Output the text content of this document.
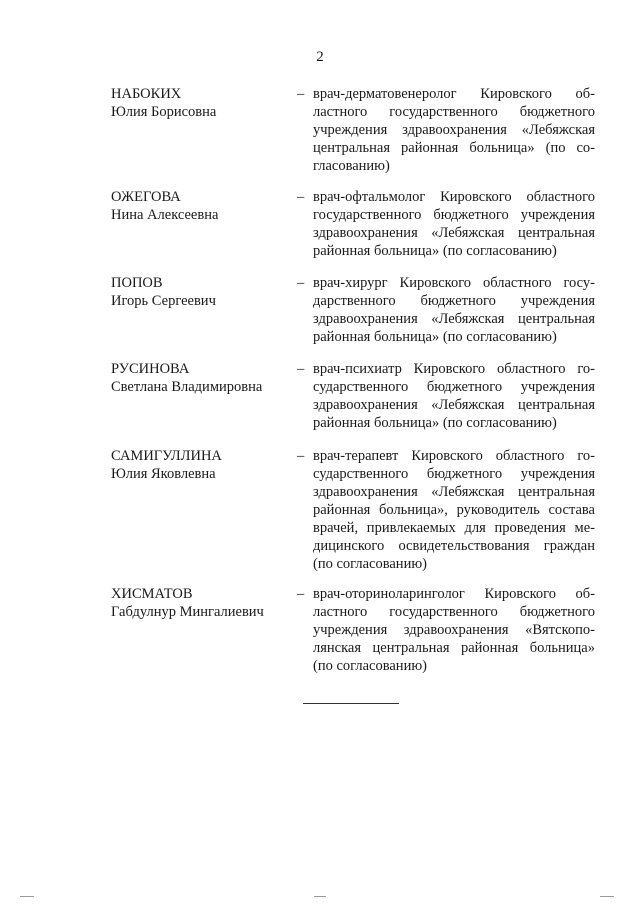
2
НАБОКИХ
Юлия Борисовна
– врач-дерматовенеролог Кировского об-
ластного государственного бюджетного
учреждения здравоохранения «Лебяжская
центральная районная больница» (по со-
гласованию)
ОЖЕГОВА
Нина Алексеевна
– врач-офтальмолог Кировского областного
государственного бюджетного учреждения
здравоохранения «Лебяжская центральная
районная больница» (по согласованию)
ПОПОВ
Игорь Сергеевич
– врач-хирург Кировского областного госу-
дарственного бюджетного учреждения
здравоохранения «Лебяжская центральная
районная больница» (по согласованию)
РУСИНОВА
Светлана Владимировна
– врач-психиатр Кировского областного го-
сударственного бюджетного учреждения
здравоохранения «Лебяжская центральная
районная больница» (по согласованию)
САМИГУЛЛИНА
Юлия Яковлевна
– врач-терапевт Кировского областного го-
сударственного бюджетного учреждения
здравоохранения «Лебяжская центральная
районная больница», руководитель состава
врачей, привлекаемых для проведения ме-
дицинского освидетельствования граждан
(по согласованию)
ХИСМАТОВ
Габдулнур Мингалиевич
– врач-оториноларинголог Кировского об-
ластного государственного бюджетного
учреждения здравоохранения «Вятскопо-
лянская центральная районная больница»
(по согласованию)
